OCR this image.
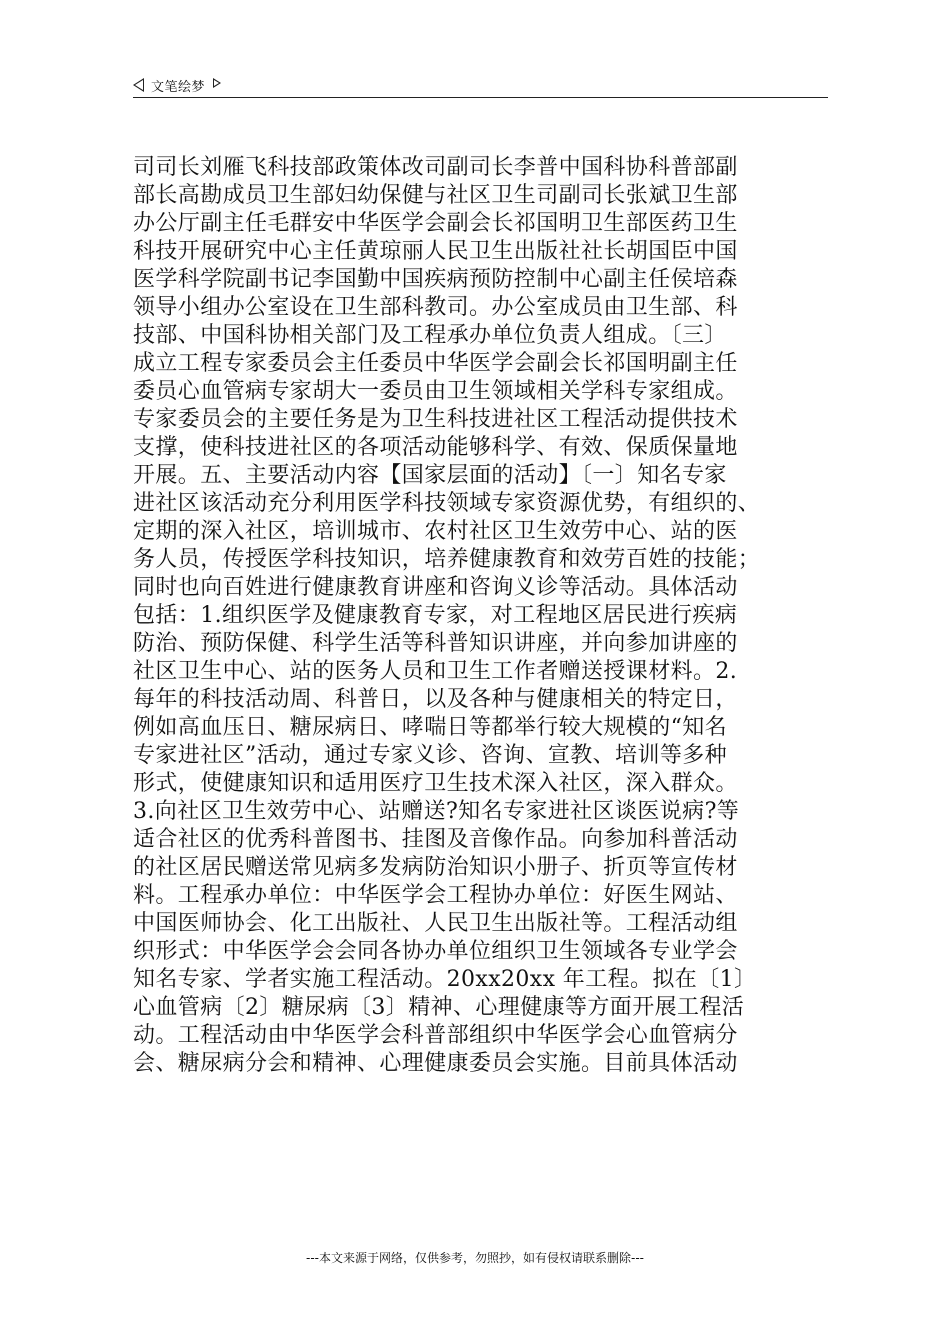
文笔绘梦
司司长刘雁飞科技部政策体改司副司长李普中国科协科普部副
部长高勘成员卫生部妇幼保健与社区卫生司副司长张斌卫生部
办公厅副主任毛群安中华医学会副会长祁国明卫生部医药卫生
科技开展研究中心主任黄琼丽人民卫生出版社社长胡国臣中国
医学科学院副书记李国勤中国疾病预防控制中心副主任侯培森
领导小组办公室设在卫生部科教司。办公室成员由卫生部、科
技部、中国科协相关部门及工程承办单位负责人组成。〔三〕
成立工程专家委员会主任委员中华医学会副会长祁国明副主任
委员心血管病专家胡大一委员由卫生领域相关学科专家组成。
专家委员会的主要任务是为卫生科技进社区工程活动提供技术
支撑，使科技进社区的各项活动能够科学、有效、保质保量地
开展。五、主要活动内容【国家层面的活动】〔一〕知名专家
进社区该活动充分利用医学科技领域专家资源优势，有组织的、
定期的深入社区，培训城市、农村社区卫生效劳中心、站的医
务人员，传授医学科技知识，培养健康教育和效劳百姓的技能；
同时也向百姓进行健康教育讲座和咨询义诊等活动。具体活动
包括：1.组织医学及健康教育专家，对工程地区居民进行疾病
防治、预防保健、科学生活等科普知识讲座，并向参加讲座的
社区卫生中心、站的医务人员和卫生工作者赠送授课材料。2.
每年的科技活动周、科普日，以及各种与健康相关的特定日，
例如高血压日、糖尿病日、哮喘日等都举行较大规模的“知名
专家进社区”活动，通过专家义诊、咨询、宣教、培训等多种
形式，使健康知识和适用医疗卫生技术深入社区，深入群众。
3.向社区卫生效劳中心、站赠送?知名专家进社区谈医说病?等
适合社区的优秀科普图书、挂图及音像作品。向参加科普活动
的社区居民赠送常见病多发病防治知识小册子、折页等宣传材
料。工程承办单位：中华医学会工程协办单位：好医生网站、
中国医师协会、化工出版社、人民卫生出版社等。工程活动组
织形式：中华医学会会同各协办单位组织卫生领域各专业学会
知名专家、学者实施工程活动。20xx20xx 年工程。拟在〔1〕
心血管病〔2〕糖尿病〔3〕精神、心理健康等方面开展工程活
动。工程活动由中华医学会科普部组织中华医学会心血管病分
会、糖尿病分会和精神、心理健康委员会实施。目前具体活动
---本文来源于网络，仅供参考，勿照抄，如有侵权请联系删除---
